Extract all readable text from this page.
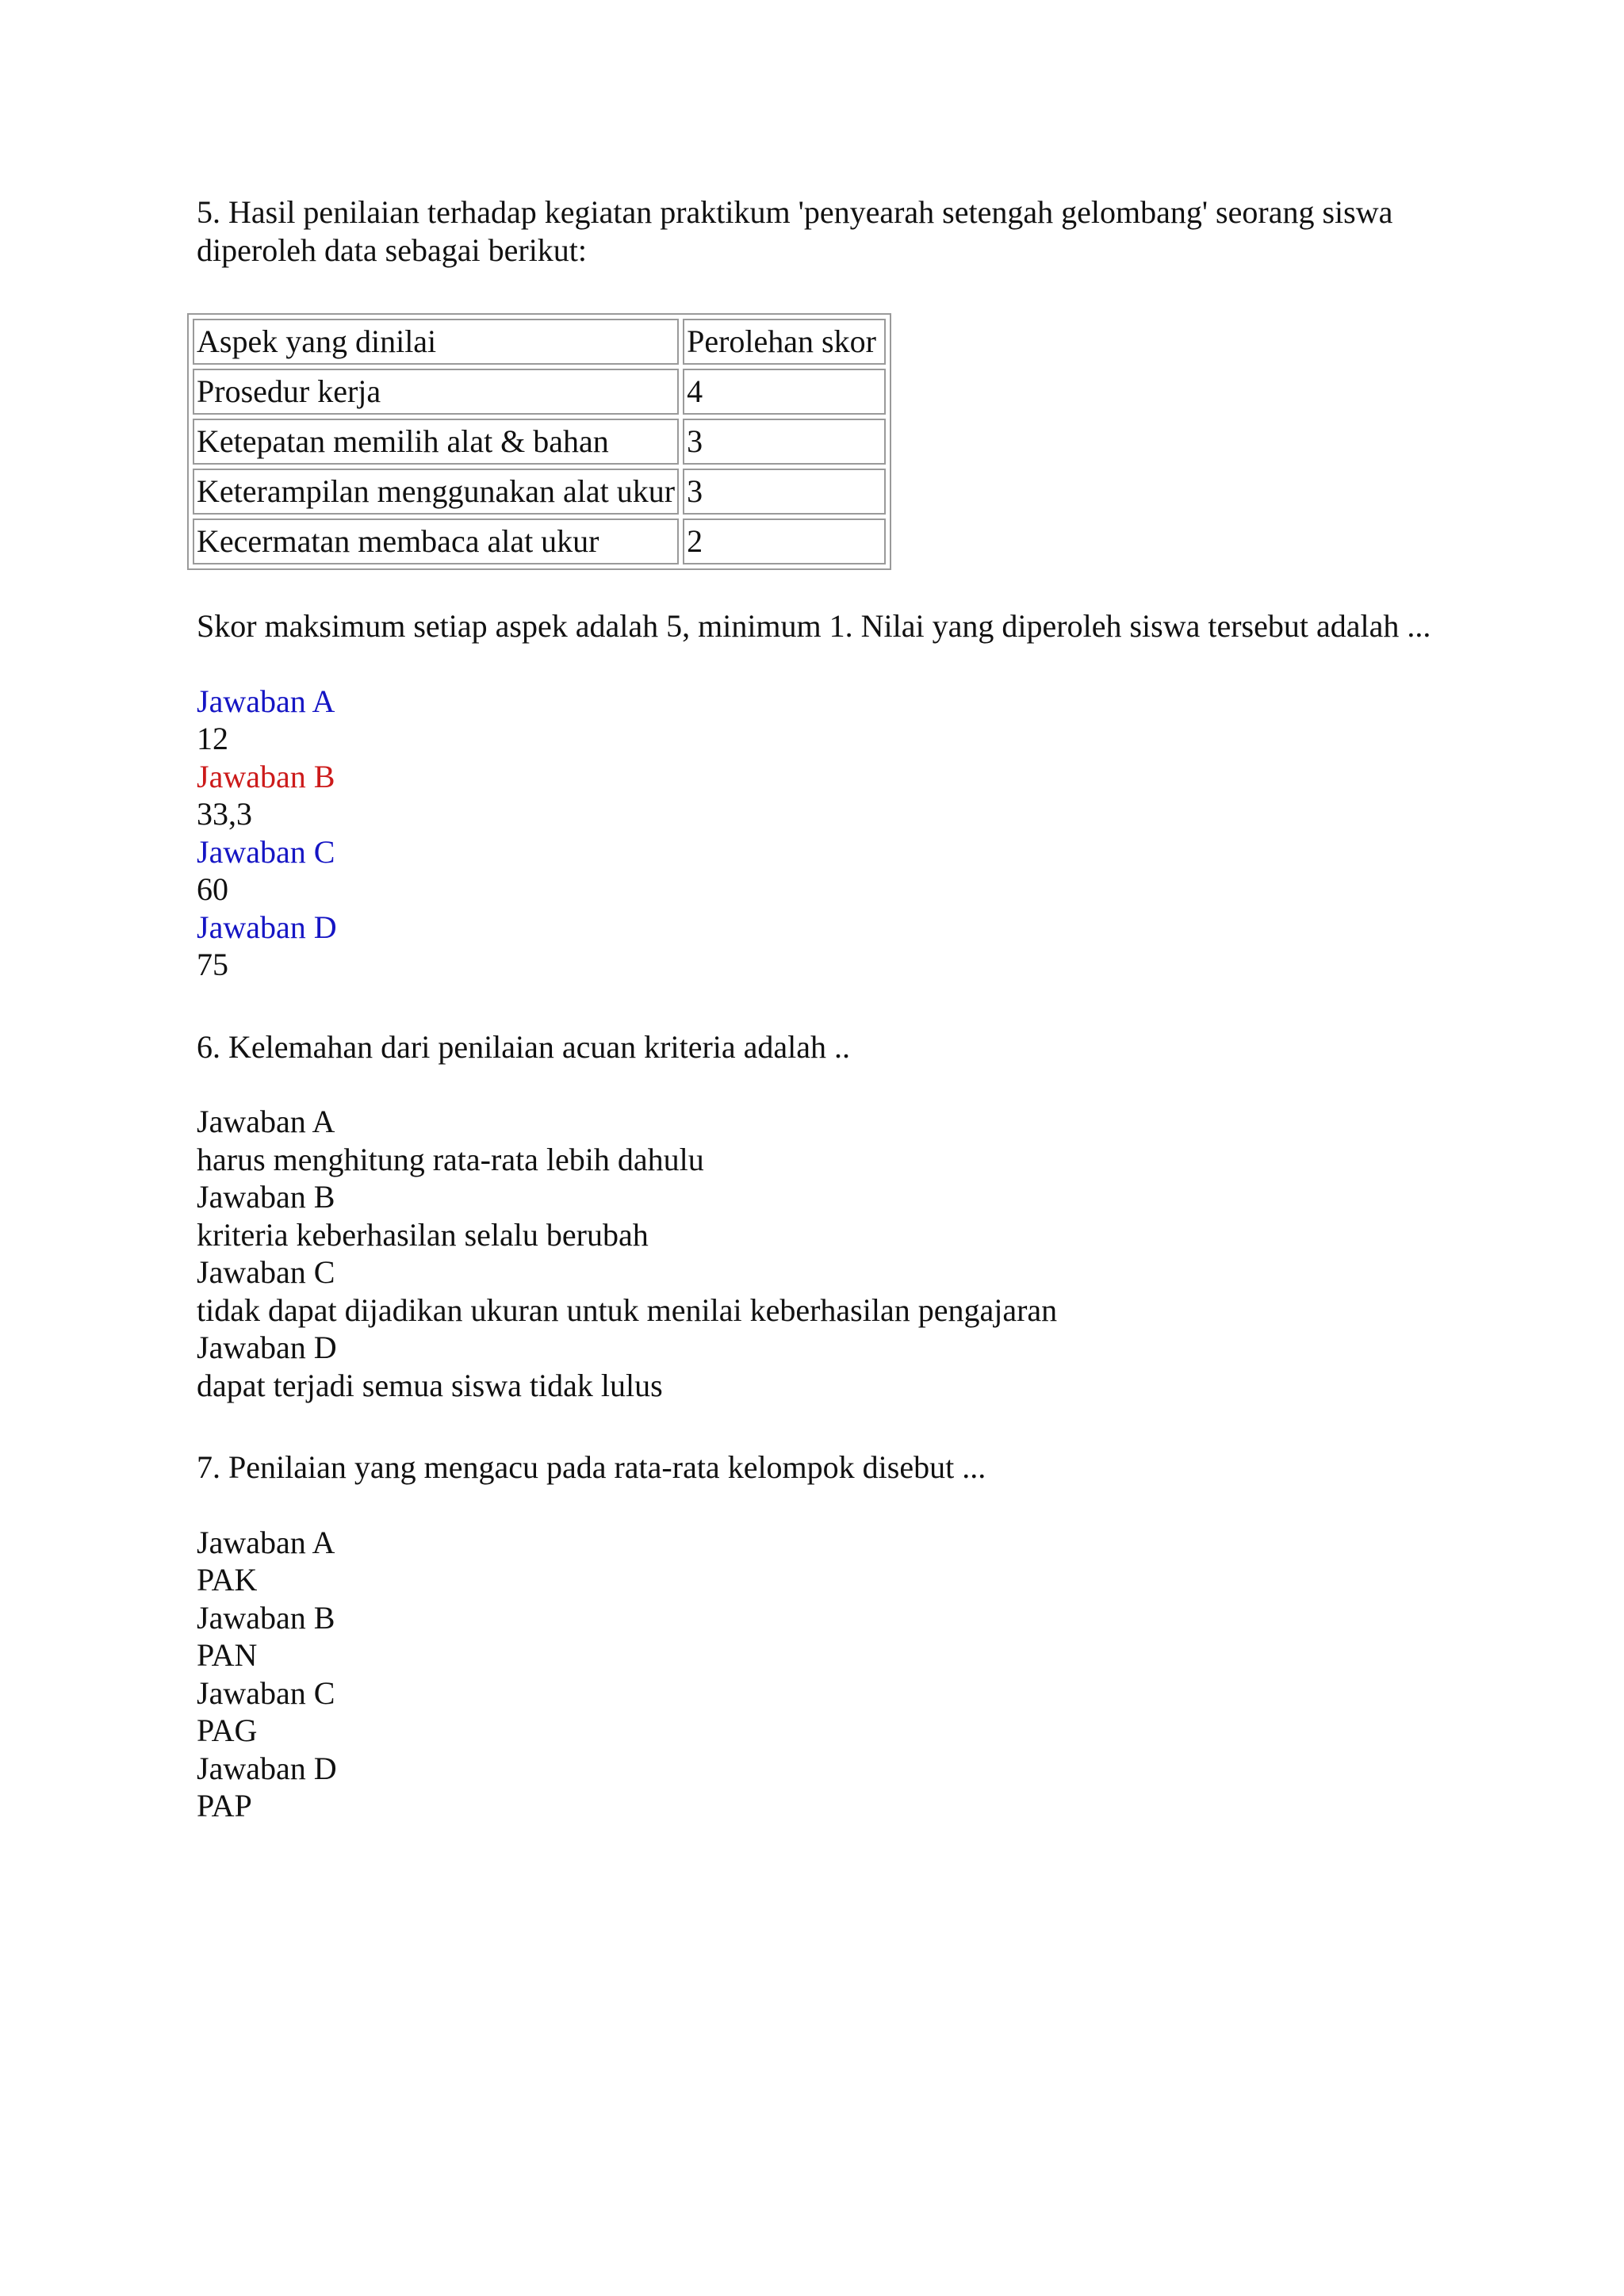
5. Hasil penilaian terhadap kegiatan praktikum 'penyearah setengah gelombang' seorang siswa diperoleh data sebagai berikut:

Aspek yang dinilai	Perolehan skor
Prosedur kerja	4
Ketepatan memilih alat & bahan	3
Keterampilan menggunakan alat ukur	3
Kecermatan membaca alat ukur	2

Skor maksimum setiap aspek adalah 5, minimum 1. Nilai yang diperoleh siswa tersebut adalah ...

Jawaban A
12
Jawaban B
33,3
Jawaban C
60
Jawaban D
75

6. Kelemahan dari penilaian acuan kriteria adalah ..

Jawaban A
harus menghitung rata-rata lebih dahulu
Jawaban B
kriteria keberhasilan selalu berubah
Jawaban C
tidak dapat dijadikan ukuran untuk menilai keberhasilan pengajaran
Jawaban D
dapat terjadi semua siswa tidak lulus

7. Penilaian yang mengacu pada rata-rata kelompok disebut ...

Jawaban A
PAK
Jawaban B
PAN
Jawaban C
PAG
Jawaban D
PAP
